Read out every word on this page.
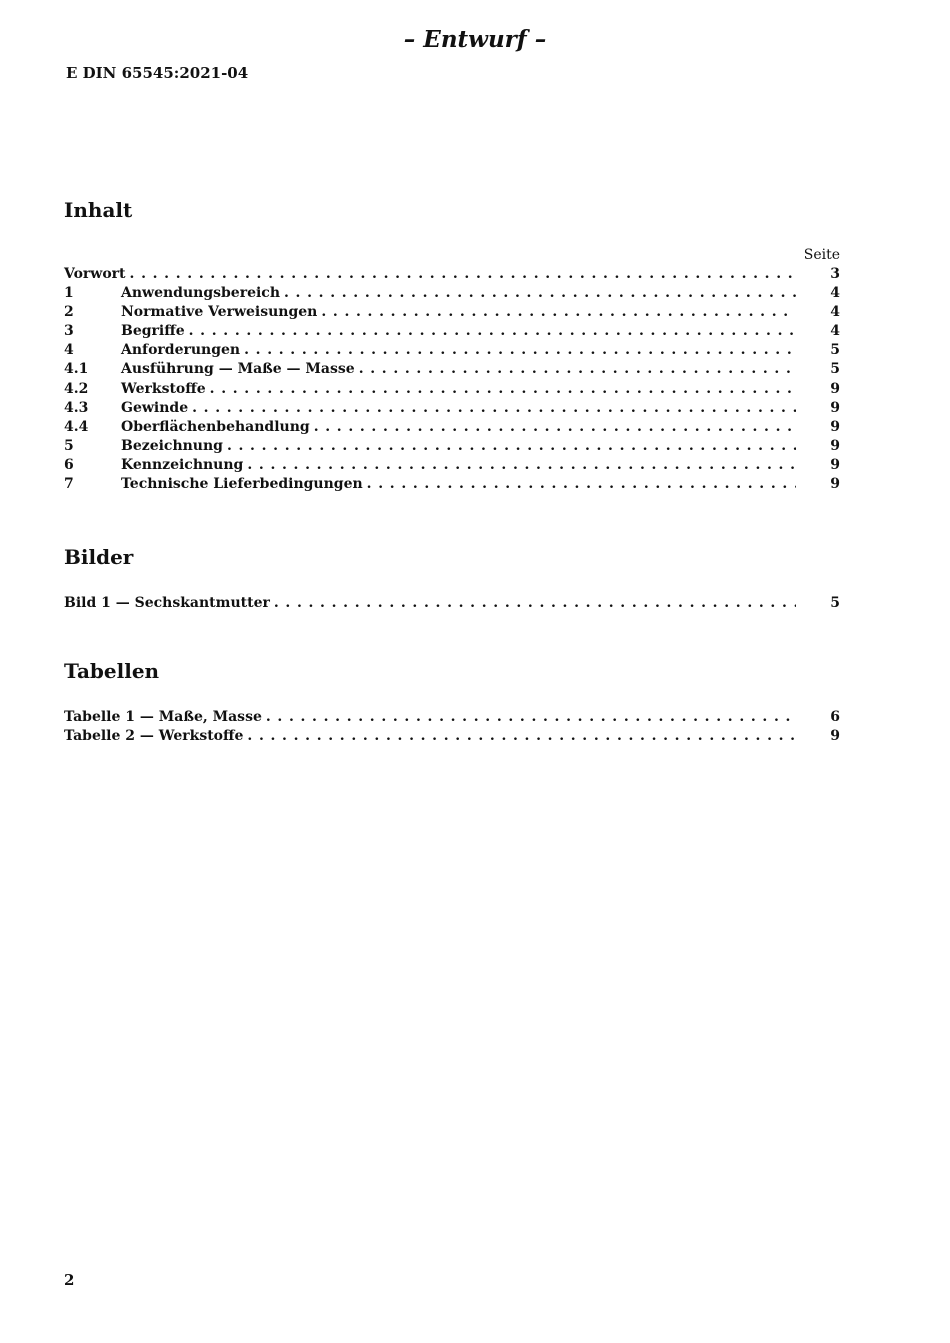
– Entwurf –
E DIN 65545:2021-04
Inhalt
Seite
Vorwort . . .	3
1	Anwendungsbereich . . .	4
2	Normative Verweisungen . . .	4
3	Begriffe . . .	4
4	Anforderungen . . .	5
4.1	Ausführung — Maße — Masse . . .	5
4.2	Werkstoffe . . .	9
4.3	Gewinde . . .	9
4.4	Oberflächenbehandlung . . .	9
5	Bezeichnung . . .	9
6	Kennzeichnung . . .	9
7	Technische Lieferbedingungen . . .	9
Bilder
Bild 1 — Sechskantmutter . . .	5
Tabellen
Tabelle 1 — Maße, Masse . . .	6
Tabelle 2 — Werkstoffe . . .	9
2
